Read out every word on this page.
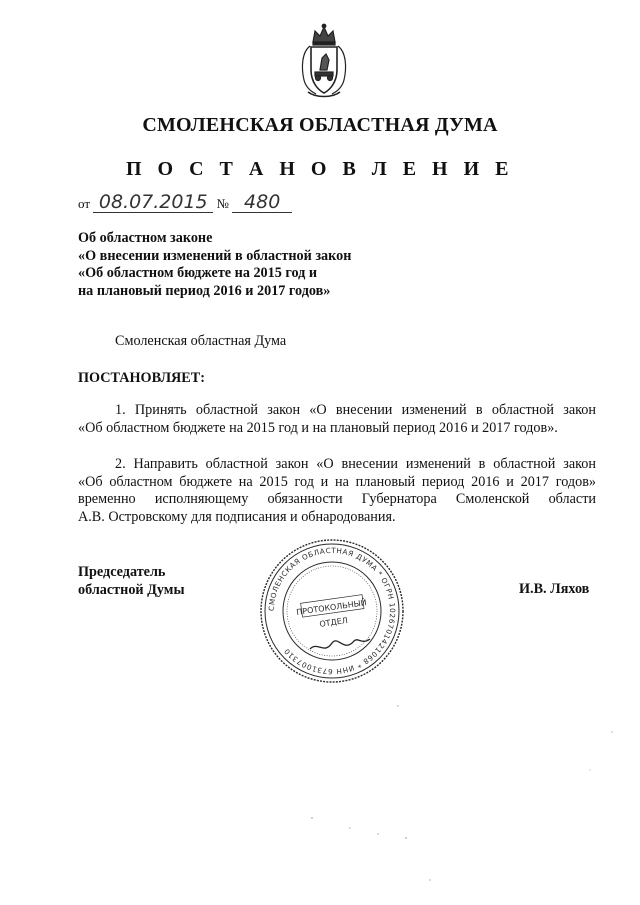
СМОЛЕНСКАЯ ОБЛАСТНАЯ ДУМА
П О С Т А Н О В Л Е Н И Е
от 08.07.2015 № 480
Об областном законе
«О внесении изменений в областной закон
«Об областном бюджете на 2015 год и
на плановый период 2016 и 2017 годов»
Смоленская областная Дума
ПОСТАНОВЛЯЕТ:
1. Принять областной закон «О внесении изменений в областной закон
«Об областном бюджете на 2015 год и на плановый период 2016 и 2017 годов».
2. Направить областной закон «О внесении изменений в областной закон
«Об областном бюджете на 2015 год и на плановый период 2016 и 2017 годов»
временно исполняющему обязанности Губернатора Смоленской области
А.В. Островскому для подписания и обнародования.
Председатель
областной Думы	И.В. Ляхов
СМОЛЕНСКАЯ ОБЛАСТНАЯ ДУМА * ОГРН 1026701421068 * ИНН 6731007310
ПРОТОКОЛЬНЫЙ
ОТДЕЛ
